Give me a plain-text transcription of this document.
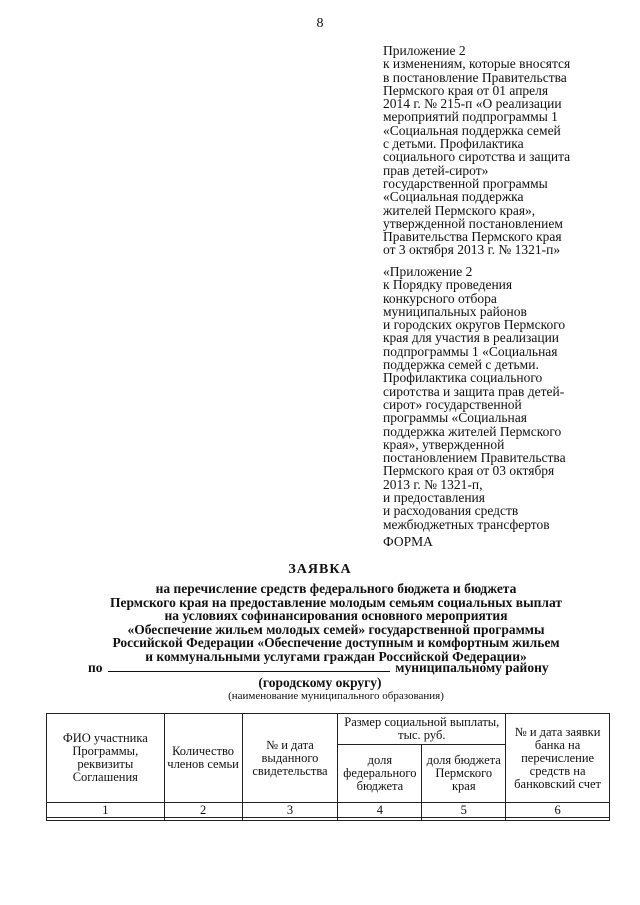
8
Приложение 2
к изменениям, которые вносятся
в постановление Правительства
Пермского края от 01 апреля
2014 г. № 215-п «О реализации
мероприятий подпрограммы 1
«Социальная поддержка семей
с детьми. Профилактика
социального сиротства и защита
прав детей-сирот»
государственной программы
«Социальная поддержка
жителей Пермского края»,
утвержденной постановлением
Правительства Пермского края
от 3 октября 2013 г. № 1321-п»
«Приложение 2
к Порядку проведения
конкурсного отбора
муниципальных районов
и городских округов Пермского
края для участия в реализации
подпрограммы 1 «Социальная
поддержка семей с детьми.
Профилактика социального
сиротства и защита прав детей-
сирот» государственной
программы «Социальная
поддержка жителей Пермского
края», утвержденной
постановлением Правительства
Пермского края от 03 октября
2013 г. № 1321-п,
и предоставления
и расходования средств
межбюджетных трансфертов
ФОРМА
ЗАЯВКА
на перечисление средств федерального бюджета и бюджета
Пермского края на предоставление молодым семьям социальных выплат
на условиях софинансирования основного мероприятия
«Обеспечение жильем молодых семей» государственной программы
Российской Федерации «Обеспечение доступным и комфортным жильем
и коммунальными услугами граждан Российской Федерации»
по	муниципальному району
(городскому округу)
(наименование муниципального образования)
ФИО участника Программы, реквизиты Соглашения	Количество членов семьи	№ и дата выданного свидетельства	Размер социальной выплаты, тыс. руб.		№ и дата заявки банка на перечисление средств на банковский счет
			доля федерального бюджета	доля бюджета Пермского края	
1	2	3	4	5	6
